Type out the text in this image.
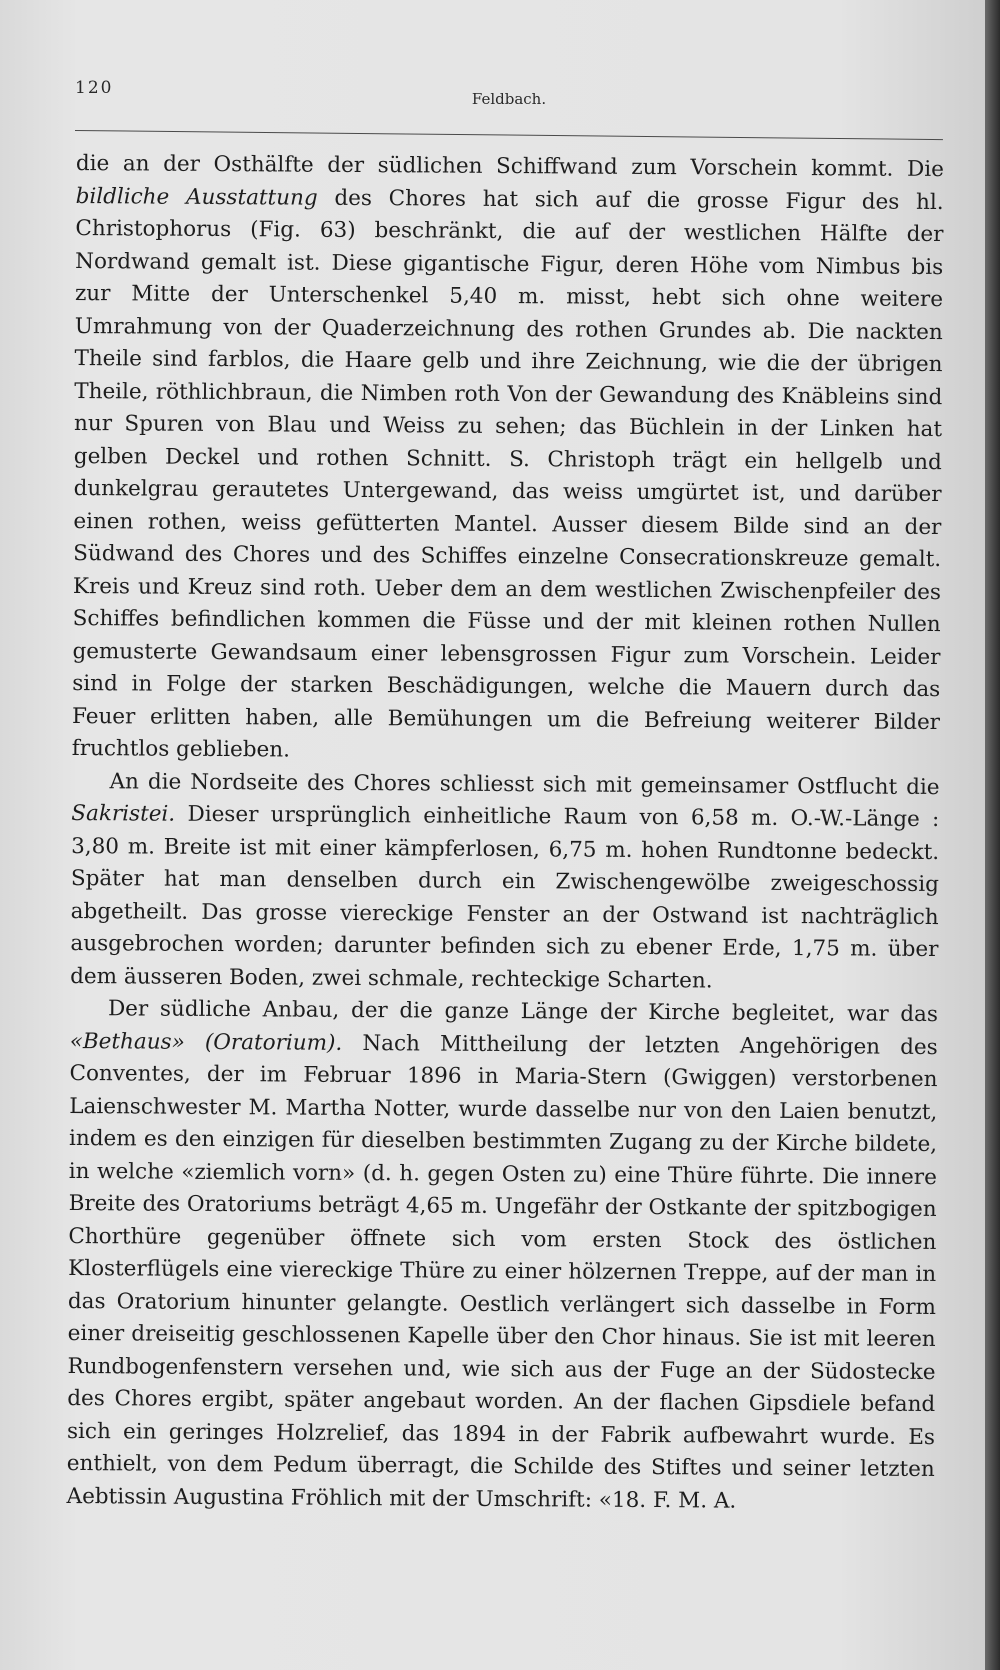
120
Feldbach.

die an der Osthälfte der südlichen Schiffwand zum Vorschein kommt. Die bildliche Ausstattung des Chores hat sich auf die grosse Figur des hl. Christophorus (Fig. 63) beschränkt, die auf der westlichen Hälfte der Nordwand gemalt ist. Diese gigantische Figur, deren Höhe vom Nimbus bis zur Mitte der Unterschenkel 5,40 m. misst, hebt sich ohne weitere Umrahmung von der Quaderzeichnung des rothen Grundes ab. Die nackten Theile sind farblos, die Haare gelb und ihre Zeichnung, wie die der übrigen Theile, röthlichbraun, die Nimben roth Von der Gewandung des Knäbleins sind nur Spuren von Blau und Weiss zu sehen; das Büchlein in der Linken hat gelben Deckel und rothen Schnitt. S. Christoph trägt ein hellgelb und dunkelgrau gerautetes Untergewand, das weiss umgürtet ist, und darüber einen rothen, weiss gefütterten Mantel. Ausser diesem Bilde sind an der Südwand des Chores und des Schiffes einzelne Consecrationskreuze gemalt. Kreis und Kreuz sind roth. Ueber dem an dem westlichen Zwischenpfeiler des Schiffes befindlichen kommen die Füsse und der mit kleinen rothen Nullen gemusterte Gewandsaum einer lebensgrossen Figur zum Vorschein. Leider sind in Folge der starken Beschädigungen, welche die Mauern durch das Feuer erlitten haben, alle Bemühungen um die Befreiung weiterer Bilder fruchtlos geblieben.

An die Nordseite des Chores schliesst sich mit gemeinsamer Ostflucht die Sakristei. Dieser ursprünglich einheitliche Raum von 6,58 m. O.-W.-Länge : 3,80 m. Breite ist mit einer kämpferlosen, 6,75 m. hohen Rundtonne bedeckt. Später hat man denselben durch ein Zwischengewölbe zweigeschossig abgetheilt. Das grosse viereckige Fenster an der Ostwand ist nachträglich ausgebrochen worden; darunter befinden sich zu ebener Erde, 1,75 m. über dem äusseren Boden, zwei schmale, rechteckige Scharten.

Der südliche Anbau, der die ganze Länge der Kirche begleitet, war das «Bethaus» (Oratorium). Nach Mittheilung der letzten Angehörigen des Conventes, der im Februar 1896 in Maria-Stern (Gwiggen) verstorbenen Laienschwester M. Martha Notter, wurde dasselbe nur von den Laien benutzt, indem es den einzigen für dieselben bestimmten Zugang zu der Kirche bildete, in welche «ziemlich vorn» (d. h. gegen Osten zu) eine Thüre führte. Die innere Breite des Oratoriums beträgt 4,65 m. Ungefähr der Ostkante der spitzbogigen Chorthüre gegenüber öffnete sich vom ersten Stock des östlichen Klosterflügels eine viereckige Thüre zu einer hölzernen Treppe, auf der man in das Oratorium hinunter gelangte. Oestlich verlängert sich dasselbe in Form einer dreiseitig geschlossenen Kapelle über den Chor hinaus. Sie ist mit leeren Rundbogenfenstern versehen und, wie sich aus der Fuge an der Südostecke des Chores ergibt, später angebaut worden. An der flachen Gipsdiele befand sich ein geringes Holzrelief, das 1894 in der Fabrik aufbewahrt wurde. Es enthielt, von dem Pedum überragt, die Schilde des Stiftes und seiner letzten Aebtissin Augustina Fröhlich mit der Umschrift: «18. F. M. A.
